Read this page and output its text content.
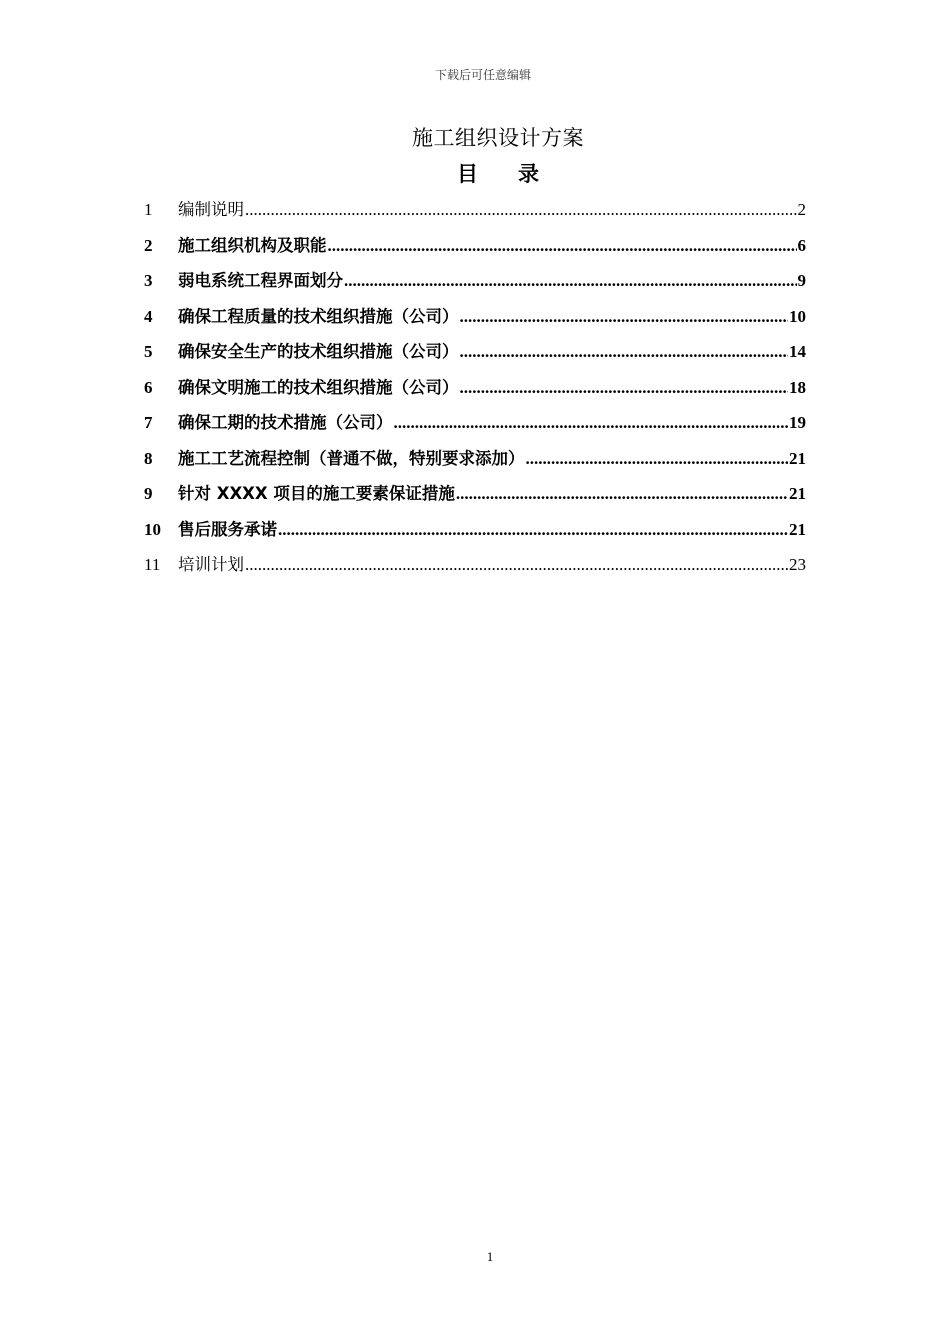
下载后可任意编辑
施工组织设计方案
目录
1	编制说明 .....	2
2	施工组织机构及职能 .....	6
3	弱电系统工程界面划分 .....	9
4	确保工程质量的技术组织措施（公司） .....	10
5	确保安全生产的技术组织措施（公司） .....	14
6	确保文明施工的技术组织措施（公司） .....	18
7	确保工期的技术措施（公司） .....	19
8	施工工艺流程控制（普通不做，特别要求添加） .....	21
9	针对 XXXX 项目的施工要素保证措施 .....	21
10	售后服务承诺 .....	21
11	培训计划 .....	23
1
